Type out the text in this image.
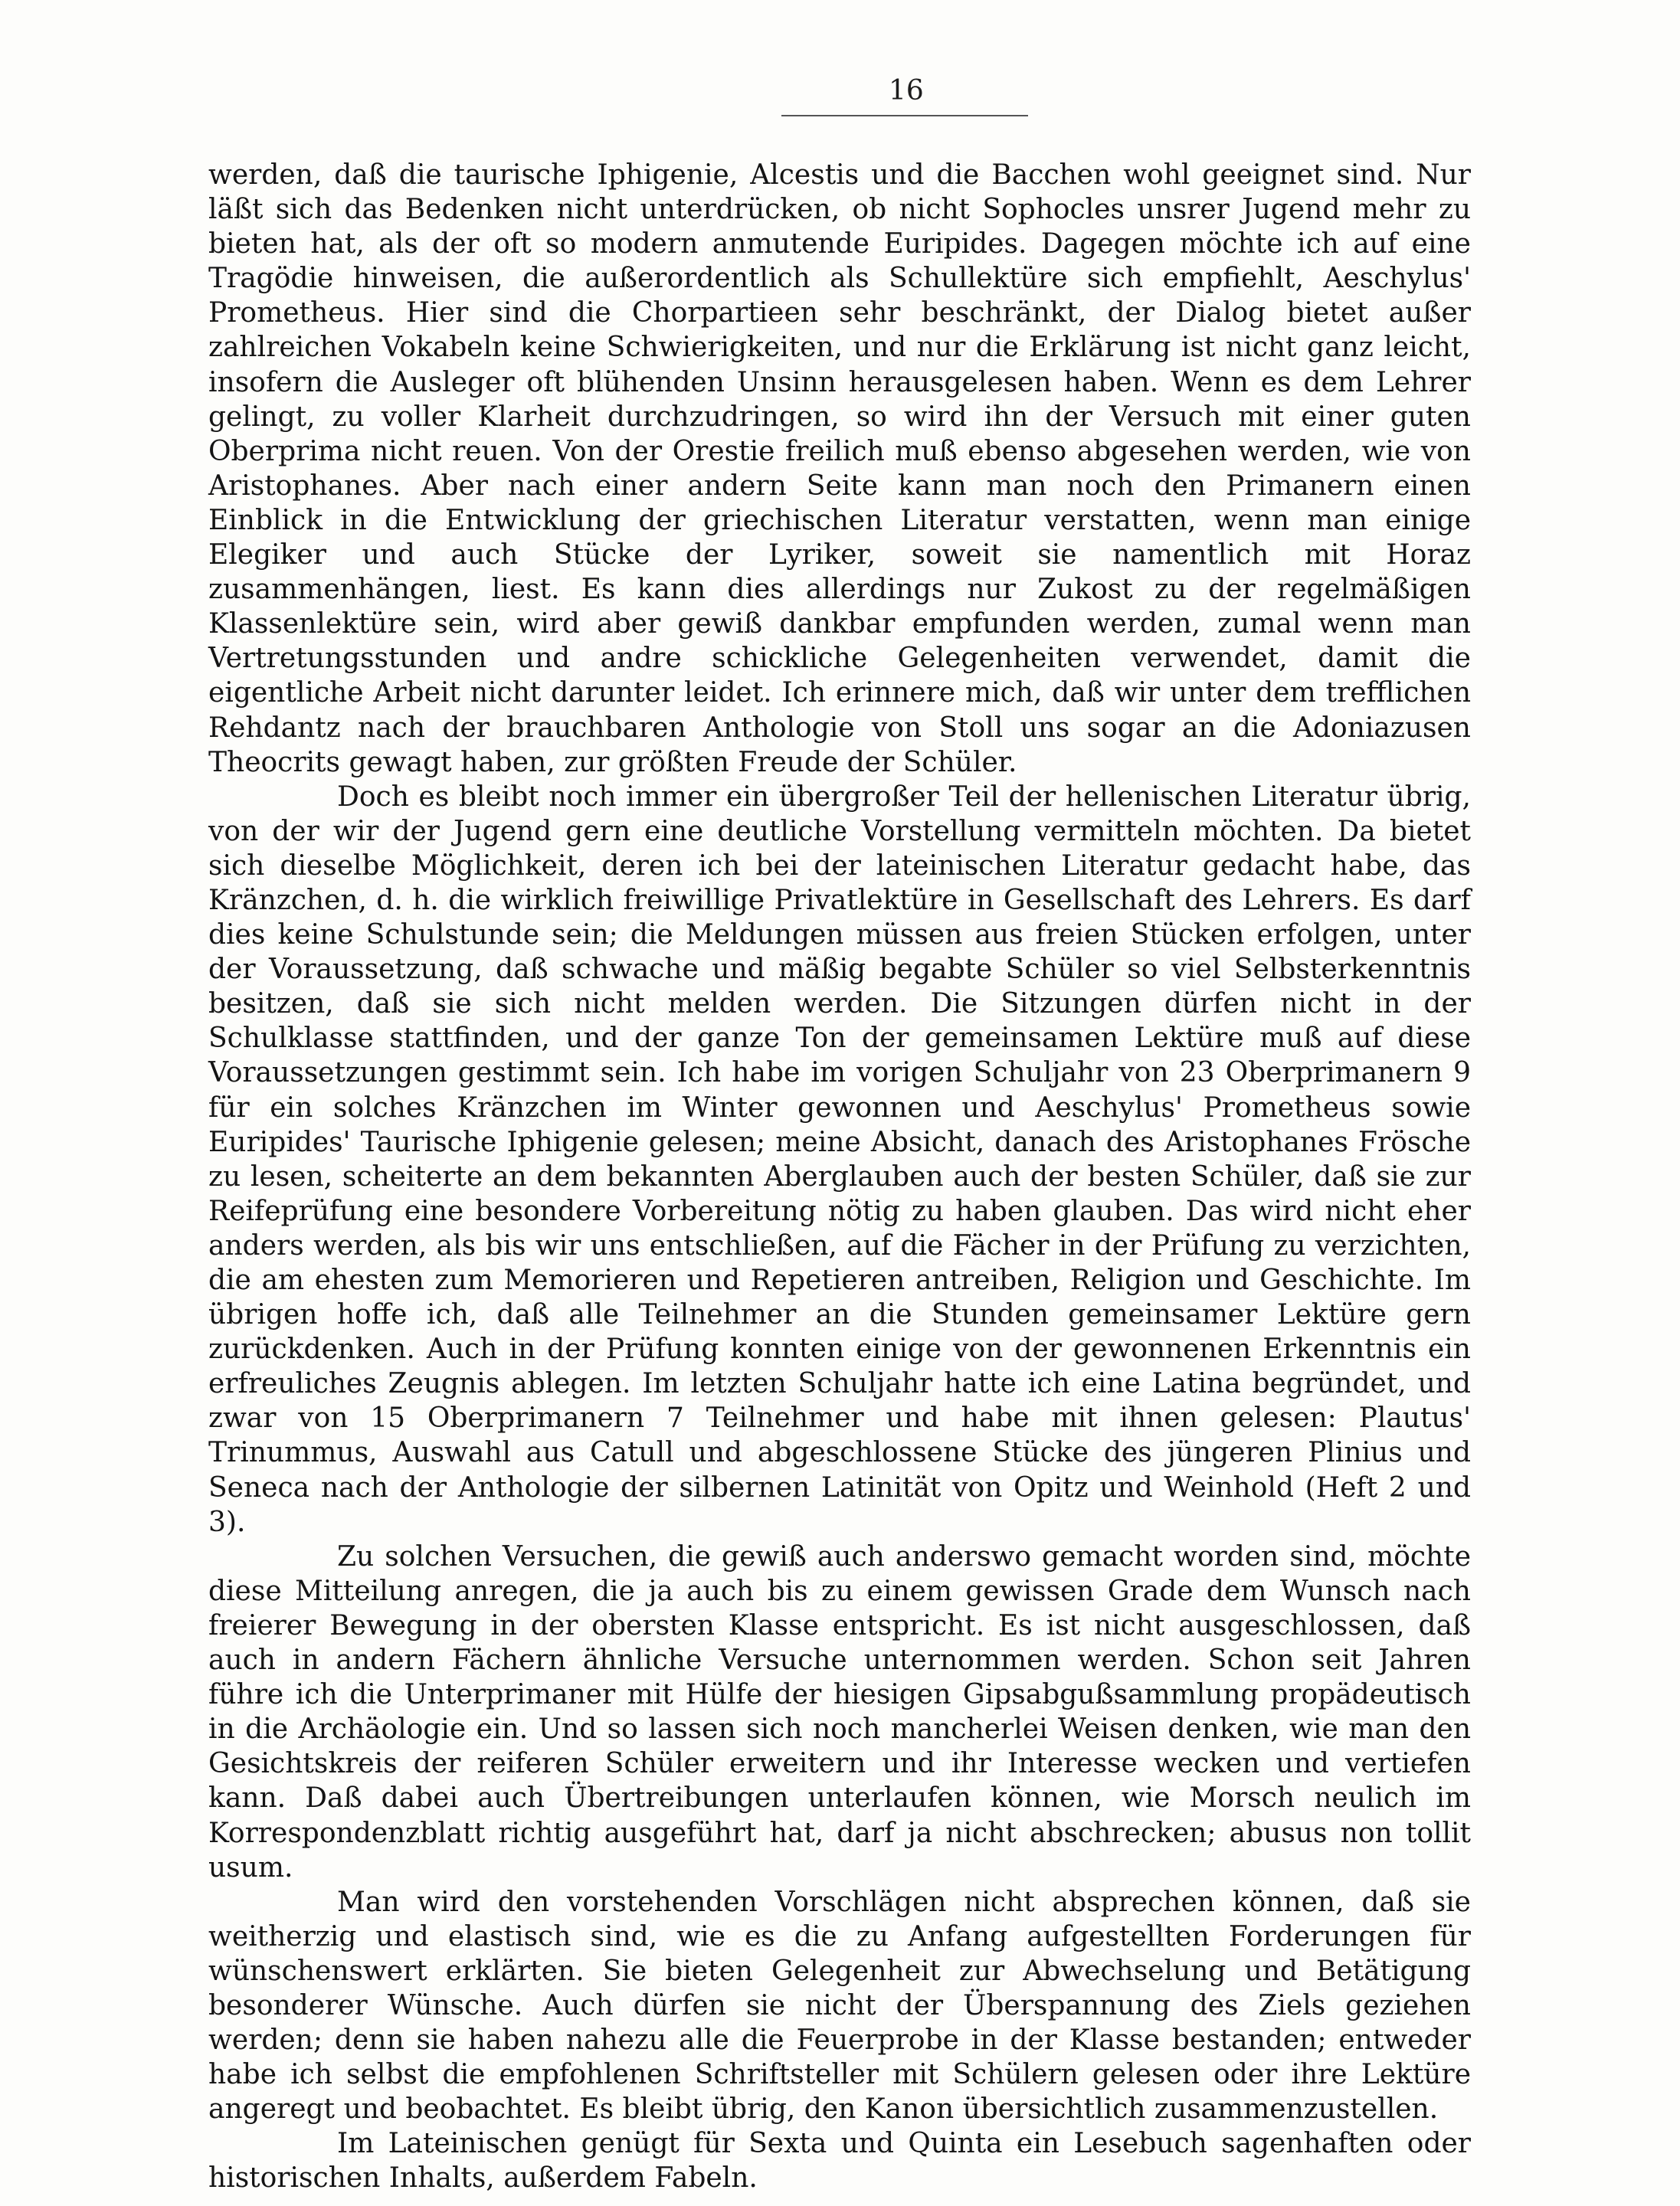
16

werden, daß die taurische Iphigenie, Alcestis und die Bacchen wohl geeignet sind. Nur läßt sich das Bedenken nicht unterdrücken, ob nicht Sophocles unsrer Jugend mehr zu bieten hat, als der oft so modern anmutende Euripides. Dagegen möchte ich auf eine Tragödie hinweisen, die außerordentlich als Schullektüre sich empfiehlt, Aeschylus' Prometheus. Hier sind die Chorpartieen sehr beschränkt, der Dialog bietet außer zahlreichen Vokabeln keine Schwierigkeiten, und nur die Erklärung ist nicht ganz leicht, insofern die Ausleger oft blühenden Unsinn herausgelesen haben. Wenn es dem Lehrer gelingt, zu voller Klarheit durchzudringen, so wird ihn der Versuch mit einer guten Oberprima nicht reuen. Von der Orestie freilich muß ebenso abgesehen werden, wie von Aristophanes. Aber nach einer andern Seite kann man noch den Primanern einen Einblick in die Entwicklung der griechischen Literatur verstatten, wenn man einige Elegiker und auch Stücke der Lyriker, soweit sie namentlich mit Horaz zusammenhängen, liest. Es kann dies allerdings nur Zukost zu der regelmäßigen Klassenlektüre sein, wird aber gewiß dankbar empfunden werden, zumal wenn man Vertretungsstunden und andre schickliche Gelegenheiten verwendet, damit die eigentliche Arbeit nicht darunter leidet. Ich erinnere mich, daß wir unter dem trefflichen Rehdantz nach der brauchbaren Anthologie von Stoll uns sogar an die Adoniazusen Theocrits gewagt haben, zur größten Freude der Schüler.

Doch es bleibt noch immer ein übergroßer Teil der hellenischen Literatur übrig, von der wir der Jugend gern eine deutliche Vorstellung vermitteln möchten. Da bietet sich dieselbe Möglichkeit, deren ich bei der lateinischen Literatur gedacht habe, das Kränzchen, d. h. die wirklich freiwillige Privatlektüre in Gesellschaft des Lehrers. Es darf dies keine Schulstunde sein; die Meldungen müssen aus freien Stücken erfolgen, unter der Voraussetzung, daß schwache und mäßig begabte Schüler so viel Selbsterkenntnis besitzen, daß sie sich nicht melden werden. Die Sitzungen dürfen nicht in der Schulklasse stattfinden, und der ganze Ton der gemeinsamen Lektüre muß auf diese Voraussetzungen gestimmt sein. Ich habe im vorigen Schuljahr von 23 Oberprimanern 9 für ein solches Kränzchen im Winter gewonnen und Aeschylus' Prometheus sowie Euripides' Taurische Iphigenie gelesen; meine Absicht, danach des Aristophanes Frösche zu lesen, scheiterte an dem bekannten Aberglauben auch der besten Schüler, daß sie zur Reifeprüfung eine besondere Vorbereitung nötig zu haben glauben. Das wird nicht eher anders werden, als bis wir uns entschließen, auf die Fächer in der Prüfung zu verzichten, die am ehesten zum Memorieren und Repetieren antreiben, Religion und Geschichte. Im übrigen hoffe ich, daß alle Teilnehmer an die Stunden gemeinsamer Lektüre gern zurückdenken. Auch in der Prüfung konnten einige von der gewonnenen Erkenntnis ein erfreuliches Zeugnis ablegen. Im letzten Schuljahr hatte ich eine Latina begründet, und zwar von 15 Oberprimanern 7 Teilnehmer und habe mit ihnen gelesen: Plautus' Trinummus, Auswahl aus Catull und abgeschlossene Stücke des jüngeren Plinius und Seneca nach der Anthologie der silbernen Latinität von Opitz und Weinhold (Heft 2 und 3).

Zu solchen Versuchen, die gewiß auch anderswo gemacht worden sind, möchte diese Mitteilung anregen, die ja auch bis zu einem gewissen Grade dem Wunsch nach freierer Bewegung in der obersten Klasse entspricht. Es ist nicht ausgeschlossen, daß auch in andern Fächern ähnliche Versuche unternommen werden. Schon seit Jahren führe ich die Unterprimaner mit Hülfe der hiesigen Gipsabgußsammlung propädeutisch in die Archäologie ein. Und so lassen sich noch mancherlei Weisen denken, wie man den Gesichtskreis der reiferen Schüler erweitern und ihr Interesse wecken und vertiefen kann. Daß dabei auch Übertreibungen unterlaufen können, wie Morsch neulich im Korrespondenzblatt richtig ausgeführt hat, darf ja nicht abschrecken; abusus non tollit usum.

Man wird den vorstehenden Vorschlägen nicht absprechen können, daß sie weitherzig und elastisch sind, wie es die zu Anfang aufgestellten Forderungen für wünschenswert erklärten. Sie bieten Gelegenheit zur Abwechselung und Betätigung besonderer Wünsche. Auch dürfen sie nicht der Überspannung des Ziels geziehen werden; denn sie haben nahezu alle die Feuerprobe in der Klasse bestanden; entweder habe ich selbst die empfohlenen Schriftsteller mit Schülern gelesen oder ihre Lektüre angeregt und beobachtet. Es bleibt übrig, den Kanon übersichtlich zusammenzustellen.

Im Lateinischen genügt für Sexta und Quinta ein Lesebuch sagenhaften oder historischen Inhalts, außerdem Fabeln.
